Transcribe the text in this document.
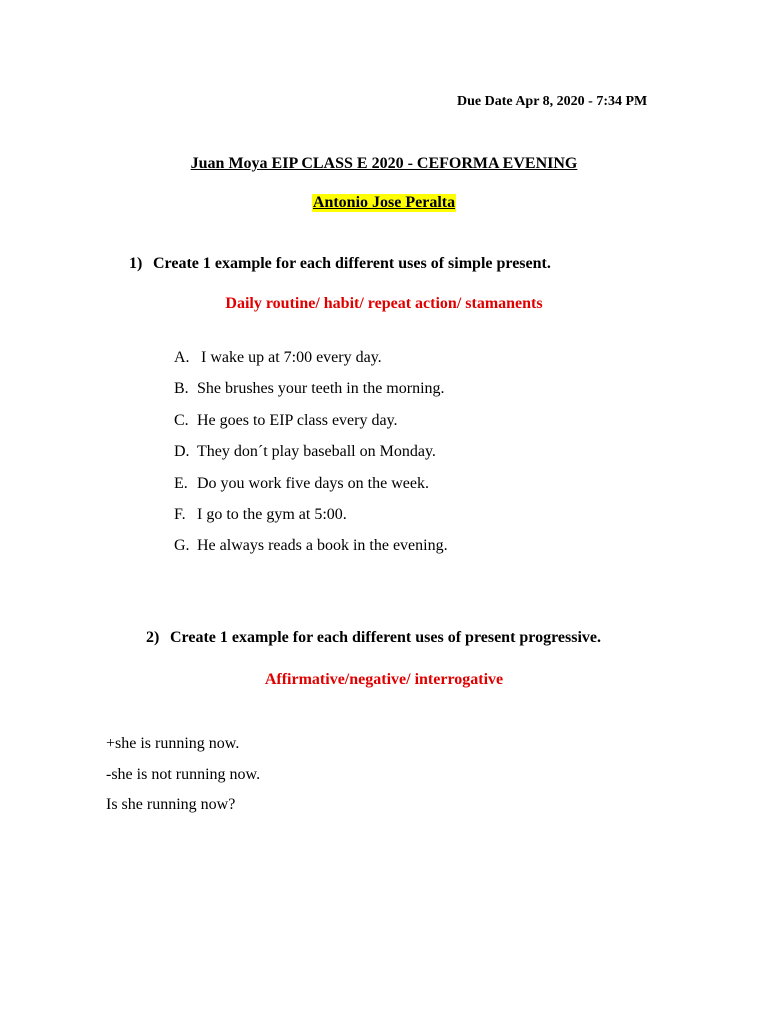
Due Date Apr 8, 2020 - 7:34 PM
Juan Moya EIP CLASS E 2020 - CEFORMA EVENING
Antonio Jose Peralta
1) Create 1 example for each different uses of simple present.
Daily routine/ habit/ repeat action/ stamanents
A. I wake up at 7:00 every day.
B. She brushes your teeth in the morning.
C. He goes to EIP class every day.
D. They don´t play baseball on Monday.
E. Do you work five days on the week.
F. I go to the gym at 5:00.
G. He always reads a book in the evening.
2) Create 1 example for each different uses of present progressive.
Affirmative/negative/ interrogative
+she is running now.
-she is not running now.
Is she running now?
